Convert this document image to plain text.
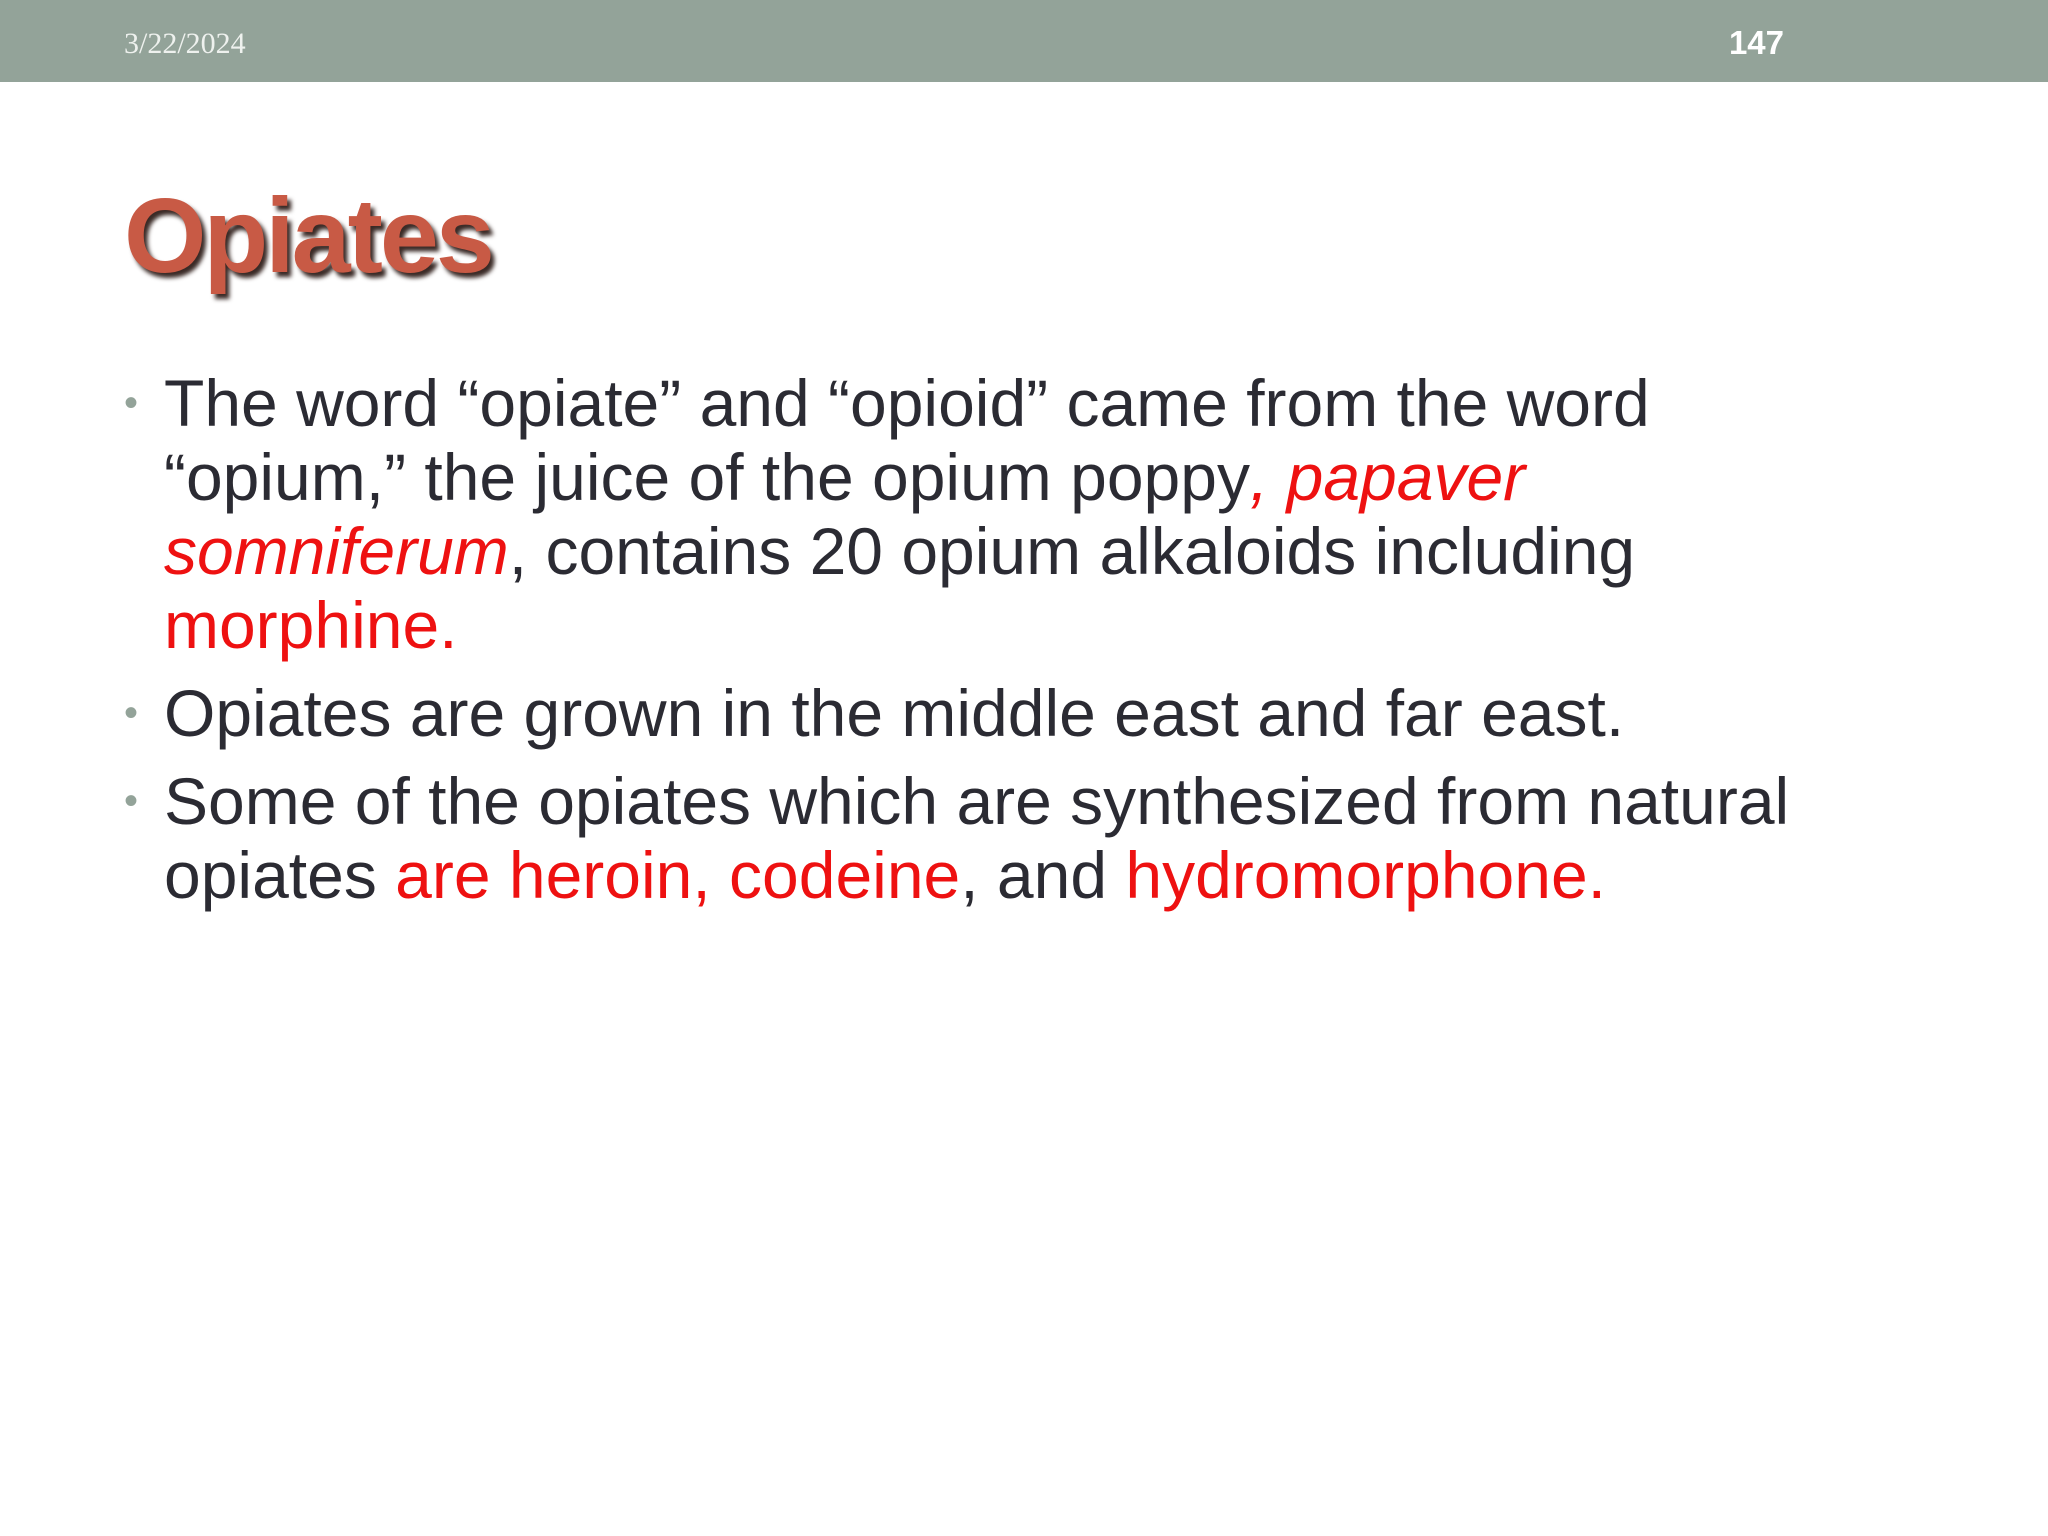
3/22/2024	147
Opiates
• The word “opiate” and “opioid” came from the word “opium,” the juice of the opium poppy, papaver somniferum, contains 20 opium alkaloids including morphine.
• Opiates are grown in the middle east and far east.
• Some of the opiates which are synthesized from natural opiates are heroin, codeine, and hydromorphone.
